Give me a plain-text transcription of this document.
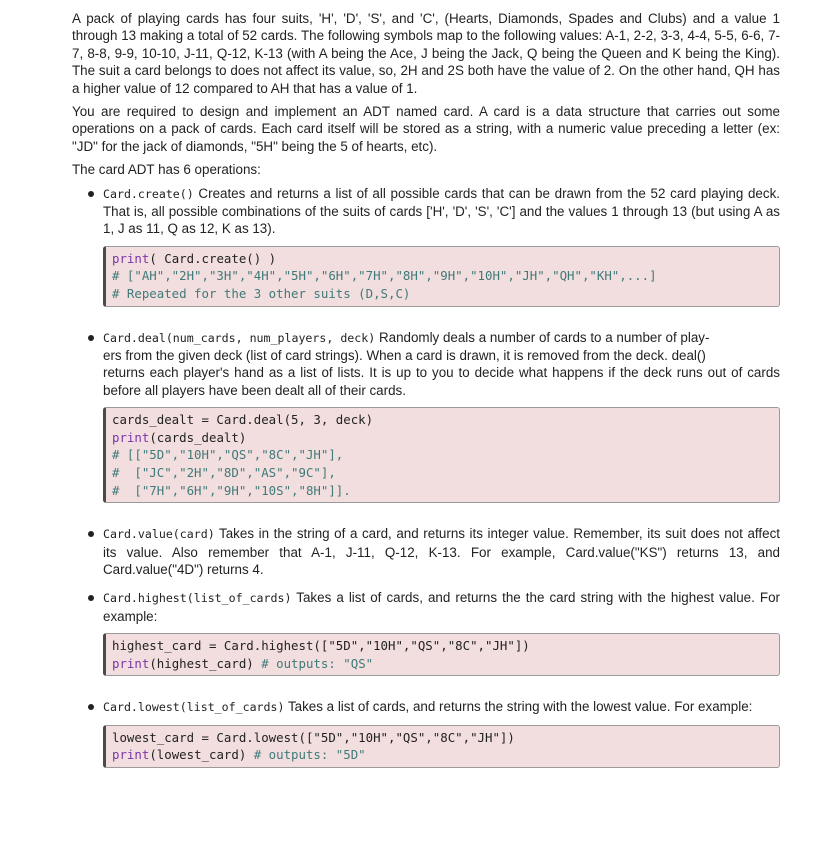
A pack of playing cards has four suits, 'H', 'D', 'S', and 'C', (Hearts, Diamonds, Spades and Clubs) and a value 1 through 13 making a total of 52 cards. The following symbols map to the following values: A-1, 2-2, 3-3, 4-4, 5-5, 6-6, 7-7, 8-8, 9-9, 10-10, J-11, Q-12, K-13 (with A being the Ace, J being the Jack, Q being the Queen and K being the King). The suit a card belongs to does not affect its value, so, 2H and 2S both have the value of 2. On the other hand, QH has a higher value of 12 compared to AH that has a value of 1.

You are required to design and implement an ADT named card. A card is a data structure that carries out some operations on a pack of cards. Each card itself will be stored as a string, with a numeric value preceding a letter (ex: "JD" for the jack of diamonds, "5H" being the 5 of hearts, etc).

The card ADT has 6 operations:

Card.create() Creates and returns a list of all possible cards that can be drawn from the 52 card playing deck. That is, all possible combinations of the suits of cards ['H', 'D', 'S', 'C'] and the values 1 through 13 (but using A as 1, J as 11, Q as 12, K as 13).

print( Card.create() )
# ["AH","2H","3H","4H","5H","6H","7H","8H","9H","10H","JH","QH","KH",...]
# Repeated for the 3 other suits (D,S,C)

Card.deal(num_cards, num_players, deck) Randomly deals a number of cards to a number of play-
ers from the given deck (list of card strings). When a card is drawn, it is removed from the deck. deal()
returns each player's hand as a list of lists. It is up to you to decide what happens if the deck runs out of cards before all players have been dealt all of their cards.

cards_dealt = Card.deal(5, 3, deck)
print(cards_dealt)
# [["5D","10H","QS","8C","JH"],
#  ["JC","2H","8D","AS","9C"],
#  ["7H","6H","9H","10S","8H"]].

Card.value(card) Takes in the string of a card, and returns its integer value. Remember, its suit does not affect its value. Also remember that A-1, J-11, Q-12, K-13. For example, Card.value("KS") returns 13, and Card.value("4D") returns 4.

Card.highest(list_of_cards) Takes a list of cards, and returns the the card string with the highest value. For example:

highest_card = Card.highest(["5D","10H","QS","8C","JH"])
print(highest_card) # outputs: "QS"

Card.lowest(list_of_cards) Takes a list of cards, and returns the string with the lowest value. For example:

lowest_card = Card.lowest(["5D","10H","QS","8C","JH"])
print(lowest_card) # outputs: "5D"
